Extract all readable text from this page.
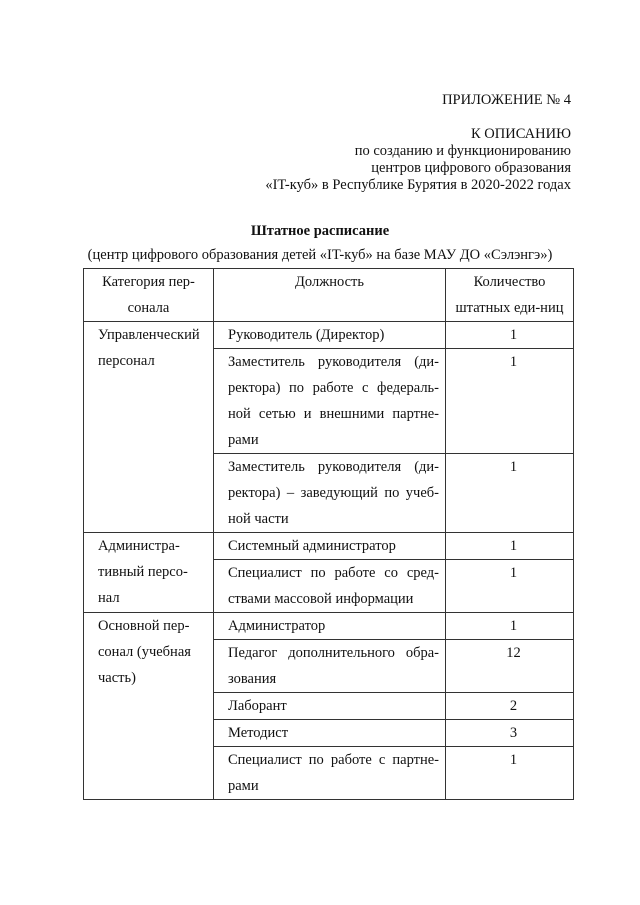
ПРИЛОЖЕНИЕ № 4
К ОПИСАНИЮ
по созданию и функционированию
центров цифрового образования
«IT-куб» в Республике Бурятия в 2020-2022 годах
Штатное расписание
(центр цифрового образования детей «IT-куб» на базе МАУ ДО «Сэлэнгэ»)
Категория пер-сонала	Должность	Количество штатных еди-ниц
Управленческий персонал	Руководитель (Директор)	1
	Заместитель руководителя (ди-ректора) по работе с федераль-ной сетью и внешними партне-рами	1
	Заместитель руководителя (ди-ректора) – заведующий по учеб-ной части	1
Администра-тивный персо-нал	Системный администратор	1
	Специалист по работе со сред-ствами массовой информации	1
Основной пер-сонал (учебная часть)	Администратор	1
	Педагог дополнительного обра-зования	12
	Лаборант	2
	Методист	3
	Специалист по работе с партне-рами	1
